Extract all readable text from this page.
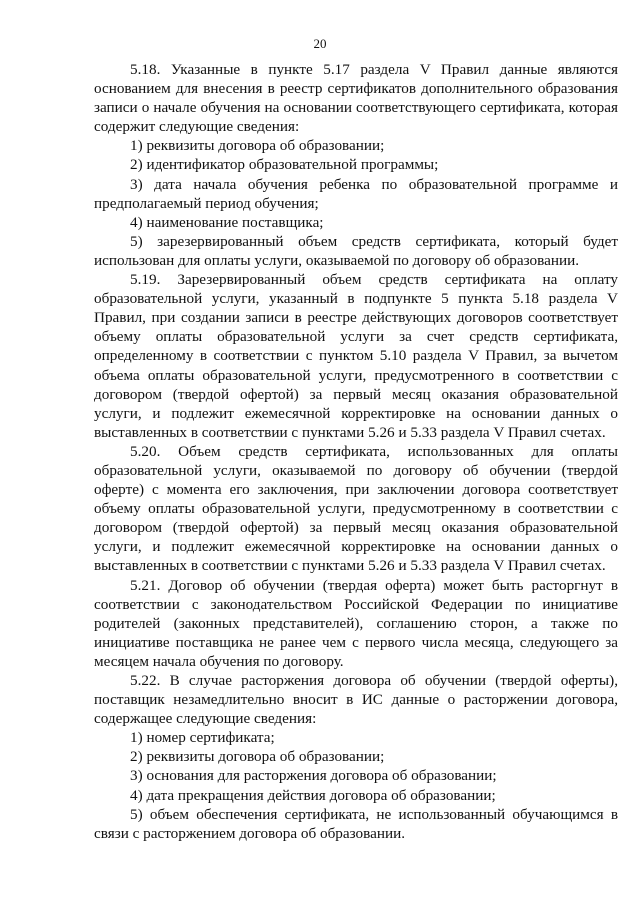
20

5.18. Указанные в пункте 5.17 раздела V Правил данные являются основанием для внесения в реестр сертификатов дополнительного образования записи о начале обучения на основании соответствующего сертификата, которая содержит следующие сведения:

1) реквизиты договора об образовании;

2) идентификатор образовательной программы;

3) дата начала обучения ребенка по образовательной программе и предполагаемый период обучения;

4) наименование поставщика;

5) зарезервированный объем средств сертификата, который будет использован для оплаты услуги, оказываемой по договору об образовании.

5.19. Зарезервированный объем средств сертификата на оплату образовательной услуги, указанный в подпункте 5 пункта 5.18 раздела V Правил, при создании записи в реестре действующих договоров соответствует объему оплаты образовательной услуги за счет средств сертификата, определенному в соответствии с пунктом 5.10 раздела V Правил, за вычетом объема оплаты образовательной услуги, предусмотренного в соответствии с договором (твердой офертой) за первый месяц оказания образовательной услуги, и подлежит ежемесячной корректировке на основании данных о выставленных в соответствии с пунктами 5.26 и 5.33 раздела V Правил счетах.

5.20. Объем средств сертификата, использованных для оплаты образовательной услуги, оказываемой по договору об обучении (твердой оферте) с момента его заключения, при заключении договора соответствует объему оплаты образовательной услуги, предусмотренному в соответствии с договором (твердой офертой) за первый месяц оказания образовательной услуги, и подлежит ежемесячной корректировке на основании данных о выставленных в соответствии с пунктами 5.26 и 5.33 раздела V Правил счетах.

5.21. Договор об обучении (твердая оферта) может быть расторгнут в соответствии с законодательством Российской Федерации по инициативе родителей (законных представителей), соглашению сторон, а также по инициативе поставщика не ранее чем с первого числа месяца, следующего за месяцем начала обучения по договору.

5.22. В случае расторжения договора об обучении (твердой оферты), поставщик незамедлительно вносит в ИС данные о расторжении договора, содержащее следующие сведения:

1) номер сертификата;

2) реквизиты договора об образовании;

3) основания для расторжения договора об образовании;

4) дата прекращения действия договора об образовании;

5) объем обеспечения сертификата, не использованный обучающимся в связи с расторжением договора об образовании.
